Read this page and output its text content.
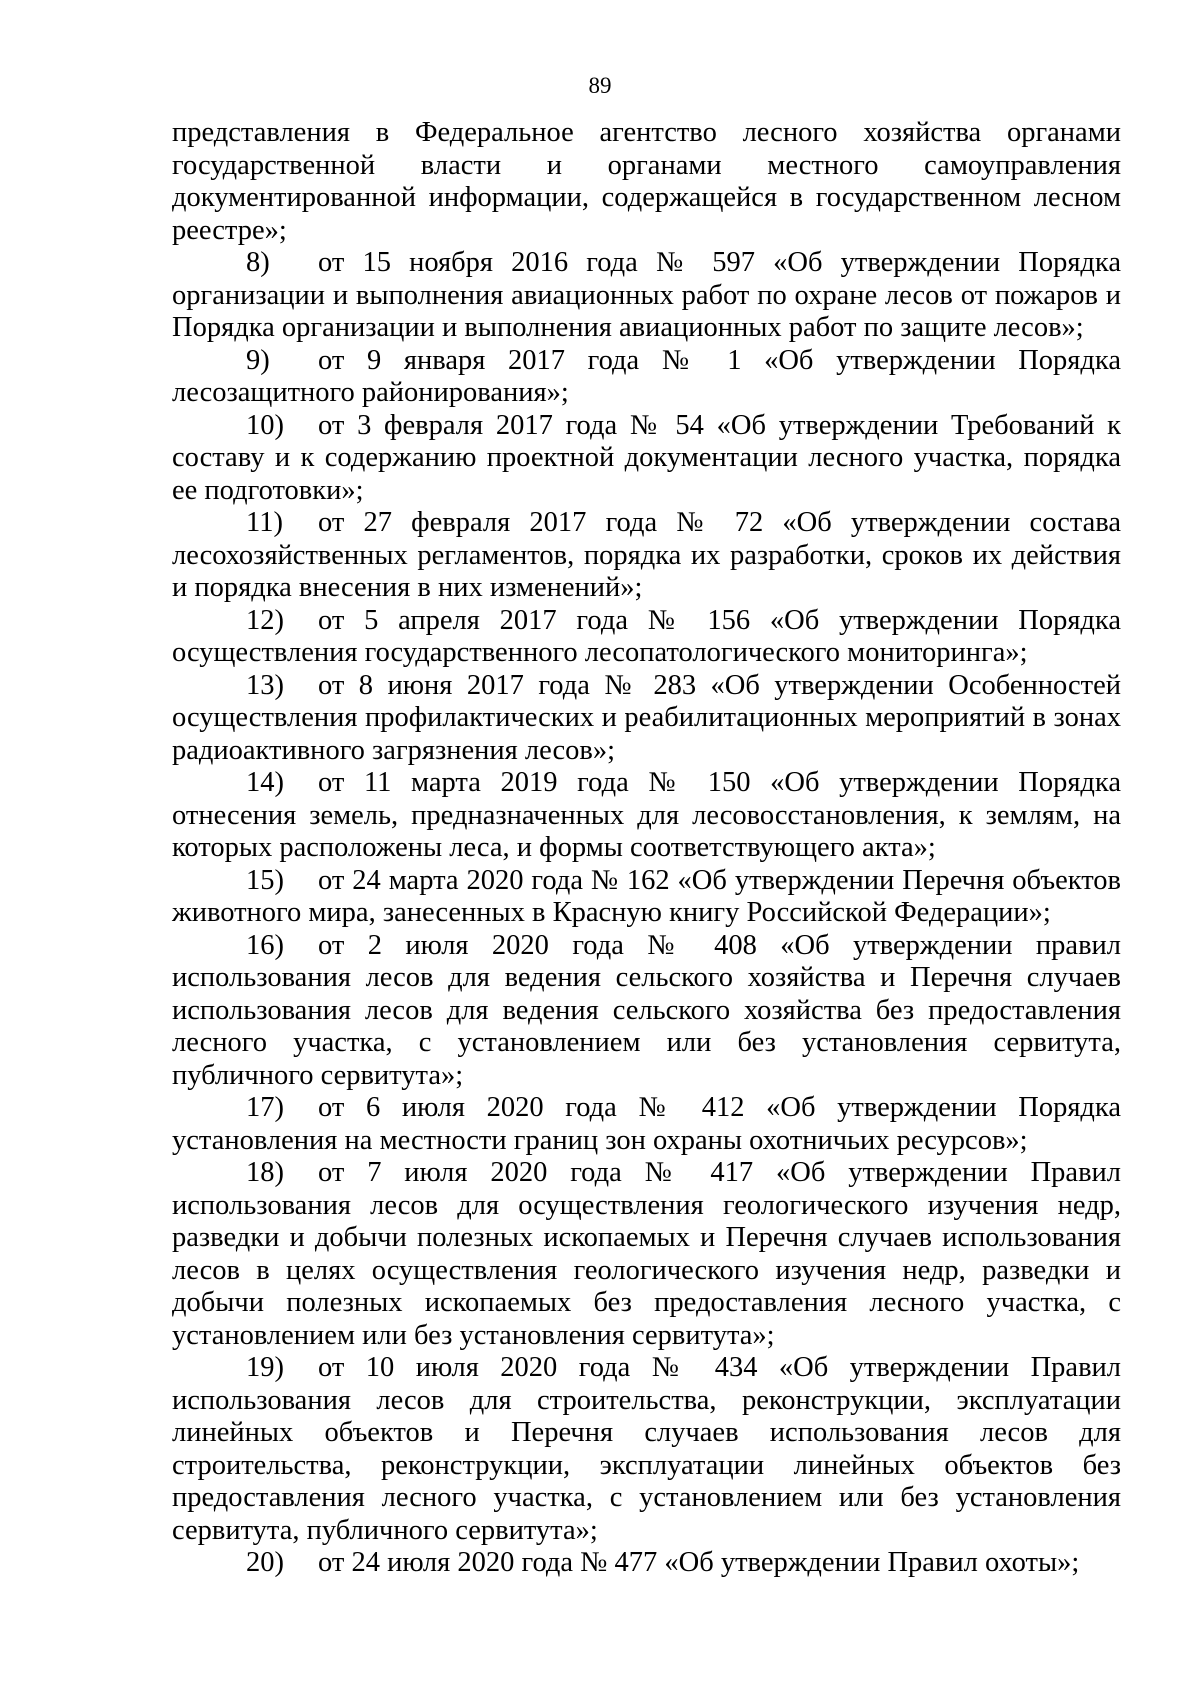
89

представления в Федеральное агентство лесного хозяйства органами государственной власти и органами местного самоуправления документированной информации, содержащейся в государственном лесном реестре»;

8) от 15 ноября 2016 года № 597 «Об утверждении Порядка организации и выполнения авиационных работ по охране лесов от пожаров и Порядка организации и выполнения авиационных работ по защите лесов»;

9) от 9 января 2017 года № 1 «Об утверждении Порядка лесозащитного районирования»;

10) от 3 февраля 2017 года № 54 «Об утверждении Требований к составу и к содержанию проектной документации лесного участка, порядка ее подготовки»;

11) от 27 февраля 2017 года № 72 «Об утверждении состава лесохозяйственных регламентов, порядка их разработки, сроков их действия и порядка внесения в них изменений»;

12) от 5 апреля 2017 года № 156 «Об утверждении Порядка осуществления государственного лесопатологического мониторинга»;

13) от 8 июня 2017 года № 283 «Об утверждении Особенностей осуществления профилактических и реабилитационных мероприятий в зонах радиоактивного загрязнения лесов»;

14) от 11 марта 2019 года № 150 «Об утверждении Порядка отнесения земель, предназначенных для лесовосстановления, к землям, на которых расположены леса, и формы соответствующего акта»;

15) от 24 марта 2020 года № 162 «Об утверждении Перечня объектов животного мира, занесенных в Красную книгу Российской Федерации»;

16) от 2 июля 2020 года № 408 «Об утверждении правил использования лесов для ведения сельского хозяйства и Перечня случаев использования лесов для ведения сельского хозяйства без предоставления лесного участка, с установлением или без установления сервитута, публичного сервитута»;

17) от 6 июля 2020 года № 412 «Об утверждении Порядка установления на местности границ зон охраны охотничьих ресурсов»;

18) от 7 июля 2020 года № 417 «Об утверждении Правил использования лесов для осуществления геологического изучения недр, разведки и добычи полезных ископаемых и Перечня случаев использования лесов в целях осуществления геологического изучения недр, разведки и добычи полезных ископаемых без предоставления лесного участка, с установлением или без установления сервитута»;

19) от 10 июля 2020 года № 434 «Об утверждении Правил использования лесов для строительства, реконструкции, эксплуатации линейных объектов и Перечня случаев использования лесов для строительства, реконструкции, эксплуатации линейных объектов без предоставления лесного участка, с установлением или без установления сервитута, публичного сервитута»;

20) от 24 июля 2020 года № 477 «Об утверждении Правил охоты»;
